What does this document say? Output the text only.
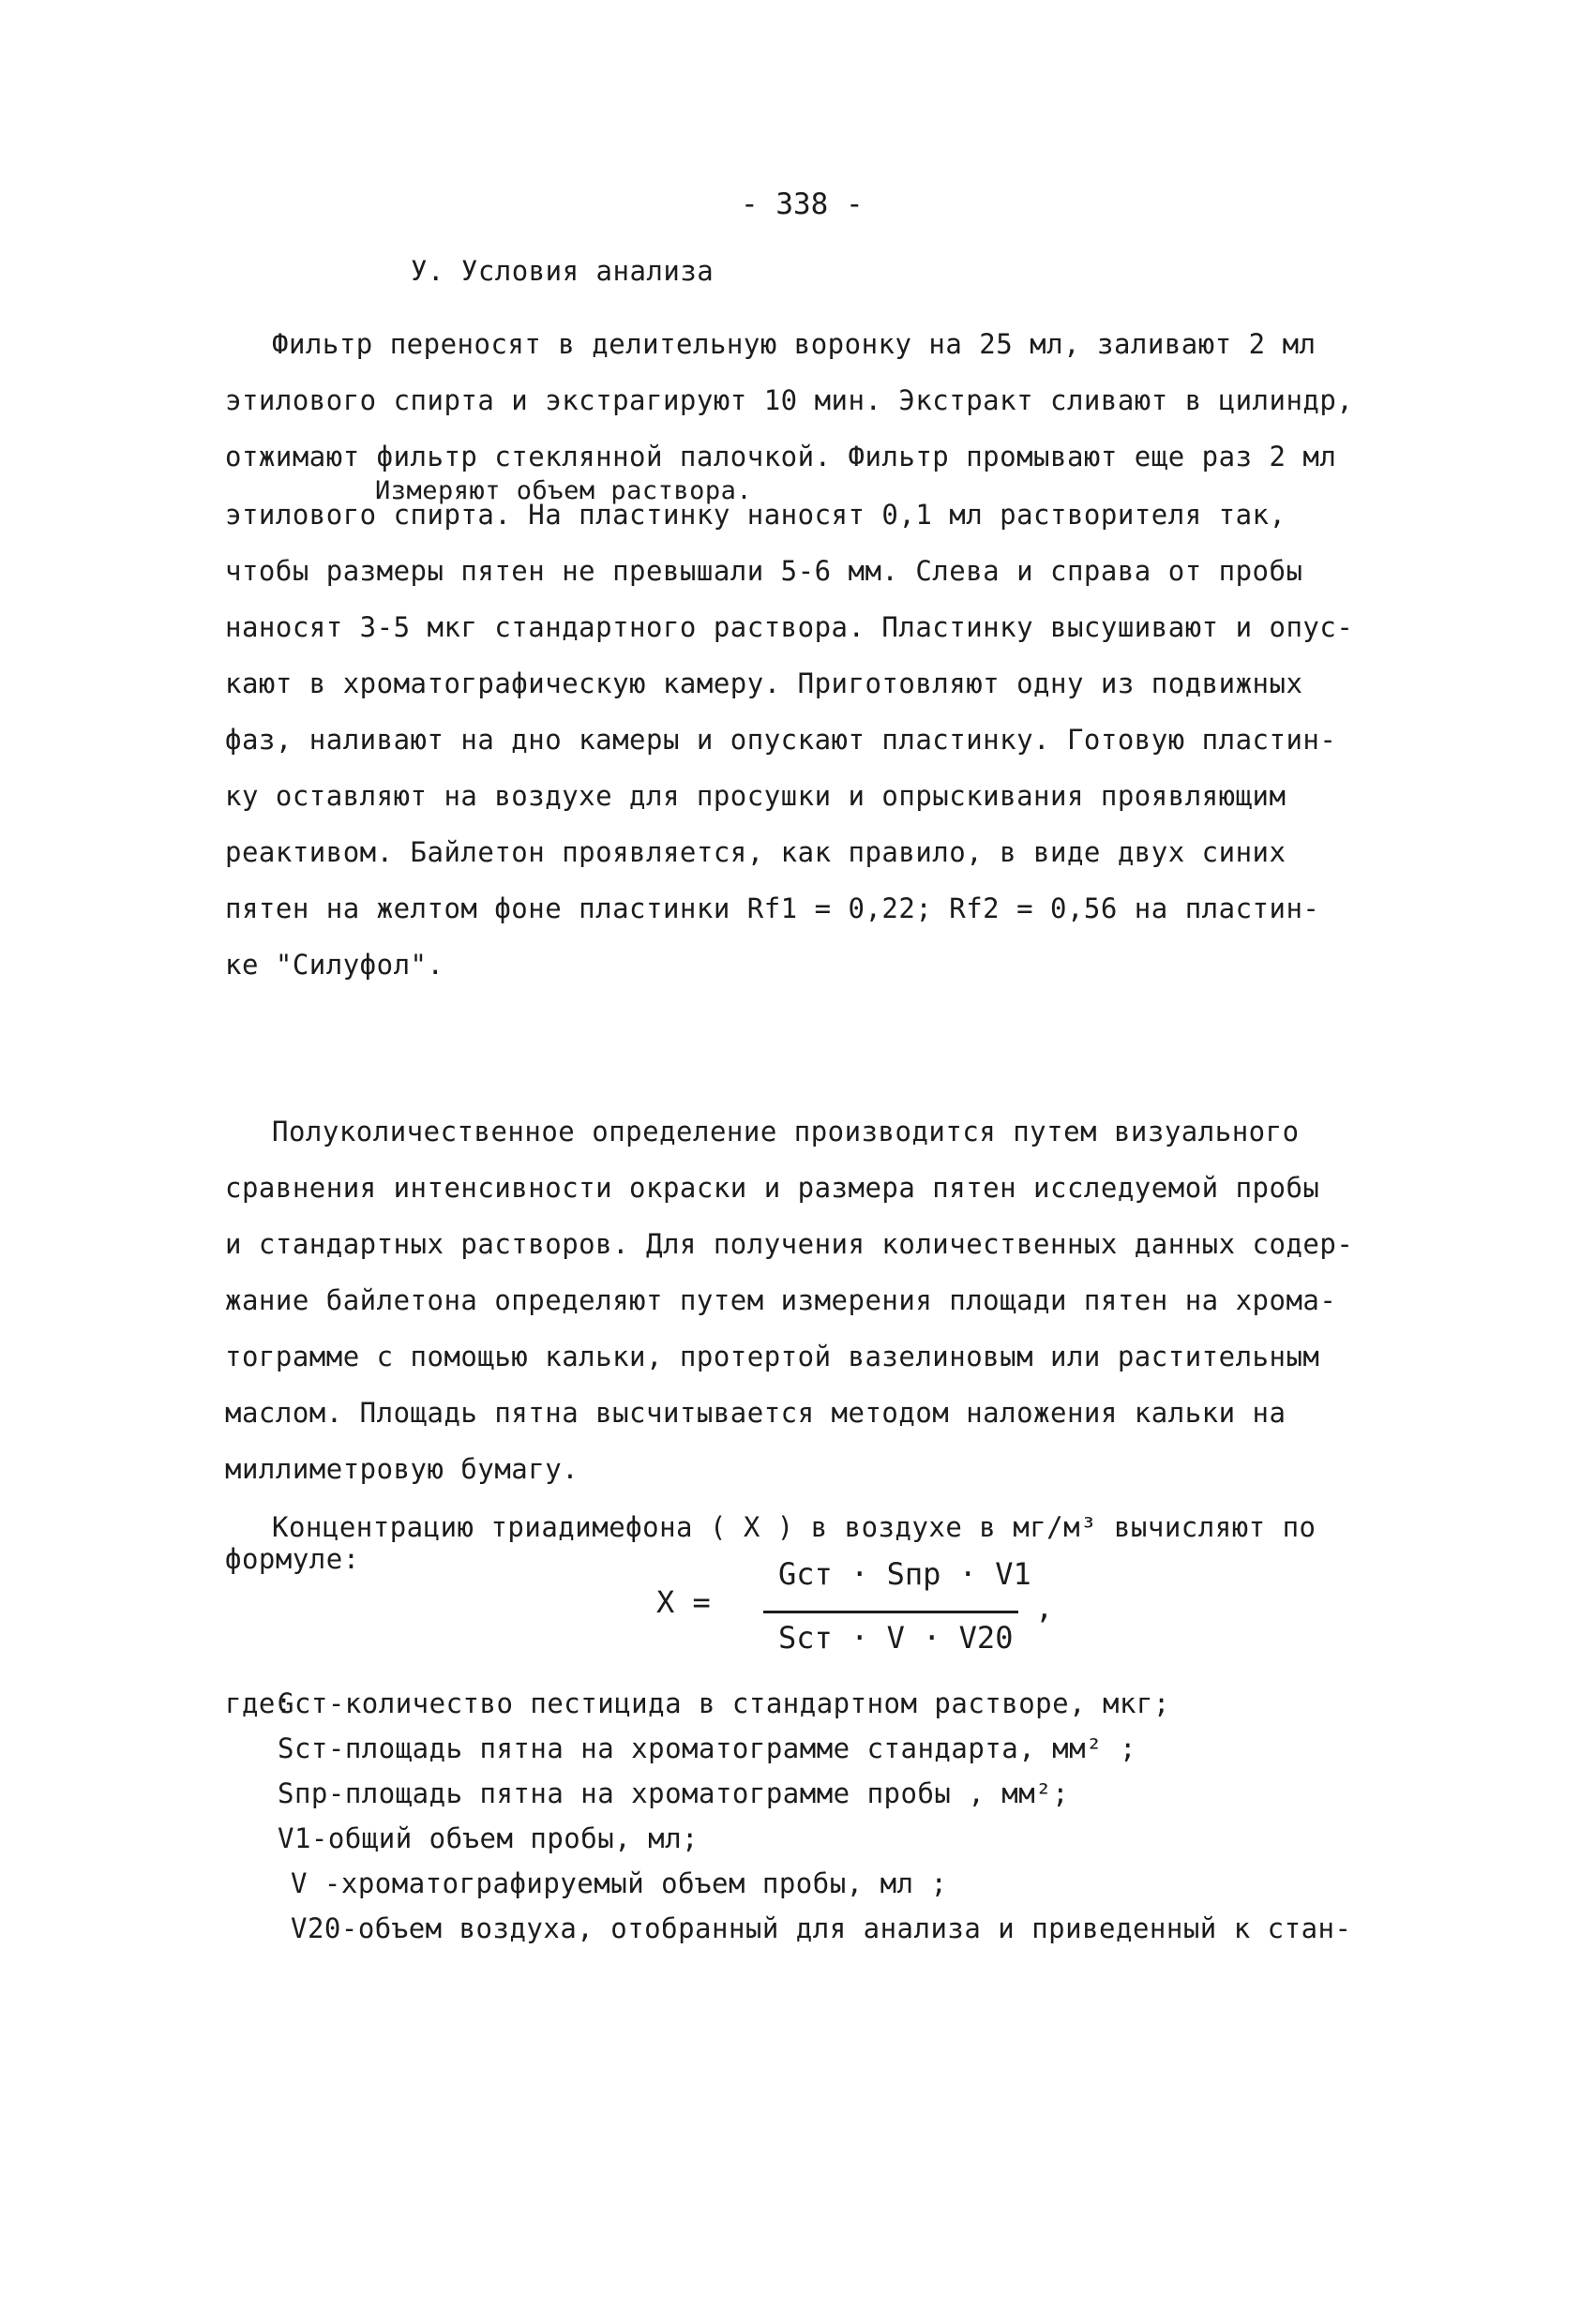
- 338 -
У. Условия анализа
Фильтр переносят в делительную воронку на 25 мл, заливают 2 мл
этилового спирта и экстрагируют 10 мин. Экстракт сливают в цилиндр,
отжимают фильтр стеклянной палочкой. Фильтр промывают еще раз 2 мл
Измеряют объем раствора.
этилового спирта. На пластинку наносят 0,1 мл растворителя так,
чтобы размеры пятен не превышали 5-6 мм. Слева и справа от пробы
наносят 3-5 мкг стандартного раствора. Пластинку высушивают и опус-
кают в хроматографическую камеру. Приготовляют одну из подвижных
фаз, наливают на дно камеры и опускают пластинку. Готовую пластин-
ку оставляют на воздухе для просушки и опрыскивания проявляющим
реактивом. Байлетон проявляется, как правило, в виде двух синих
пятен на желтом фоне пластинки Rf1 = 0,22; Rf2 = 0,56 на пластин-
ке "Силуфол".
Полуколичественное определение производится путем визуального
сравнения интенсивности окраски и размера пятен исследуемой пробы
и стандартных растворов. Для получения количественных данных содер-
жание байлетона определяют путем измерения площади пятен на хрома-
тограмме с помощью кальки, протертой вазелиновым или растительным
маслом. Площадь пятна высчитывается методом наложения кальки на
миллиметровую бумагу.
Концентрацию триадимефона ( Х ) в воздухе в мг/м³ вычисляют по
формуле:
Х =
Gст · Sпр · V1
Sст · V · V20
,
где:
Gст-количество пестицида в стандартном растворе, мкг;
Sст-площадь пятна на хроматограмме стандарта, мм² ;
Sпр-площадь пятна на хроматограмме пробы , мм²;
V1-общий объем пробы, мл;
V -хроматографируемый объем пробы, мл ;
V20-объем воздуха, отобранный для анализа и приведенный к стан-
